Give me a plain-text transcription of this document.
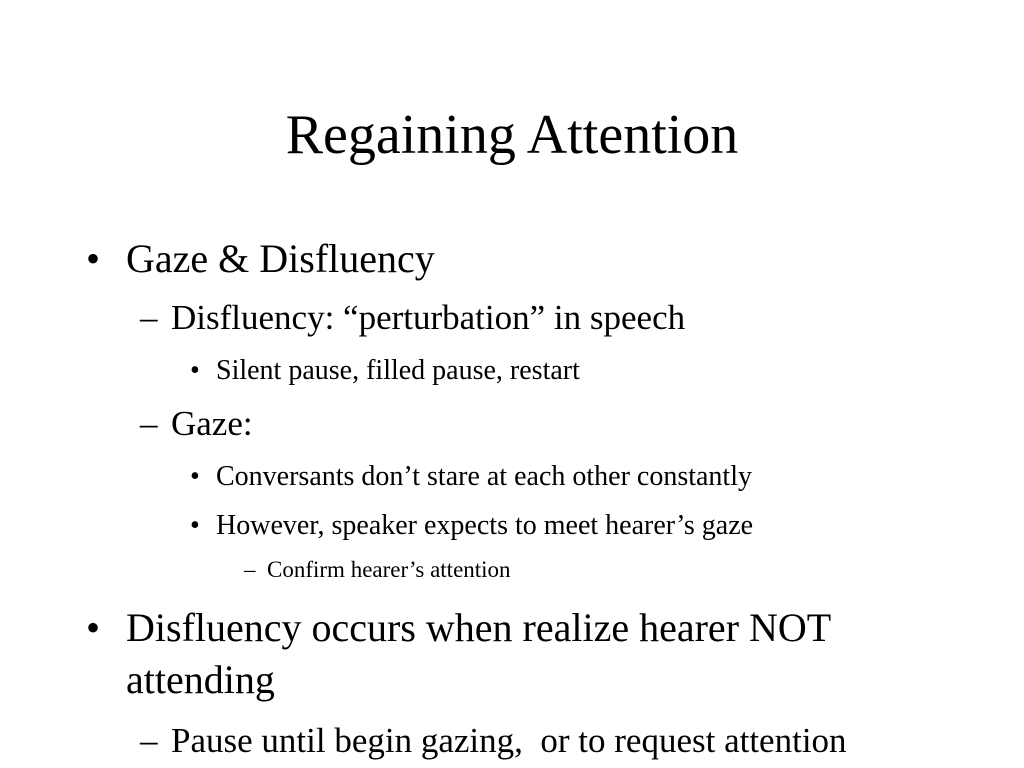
Regaining Attention
• Gaze & Disfluency
– Disfluency: “perturbation” in speech
• Silent pause, filled pause, restart
– Gaze:
• Conversants don’t stare at each other constantly
• However, speaker expects to meet hearer’s gaze
– Confirm hearer’s attention
• Disfluency occurs when realize hearer NOT
attending
– Pause until begin gazing,  or to request attention
